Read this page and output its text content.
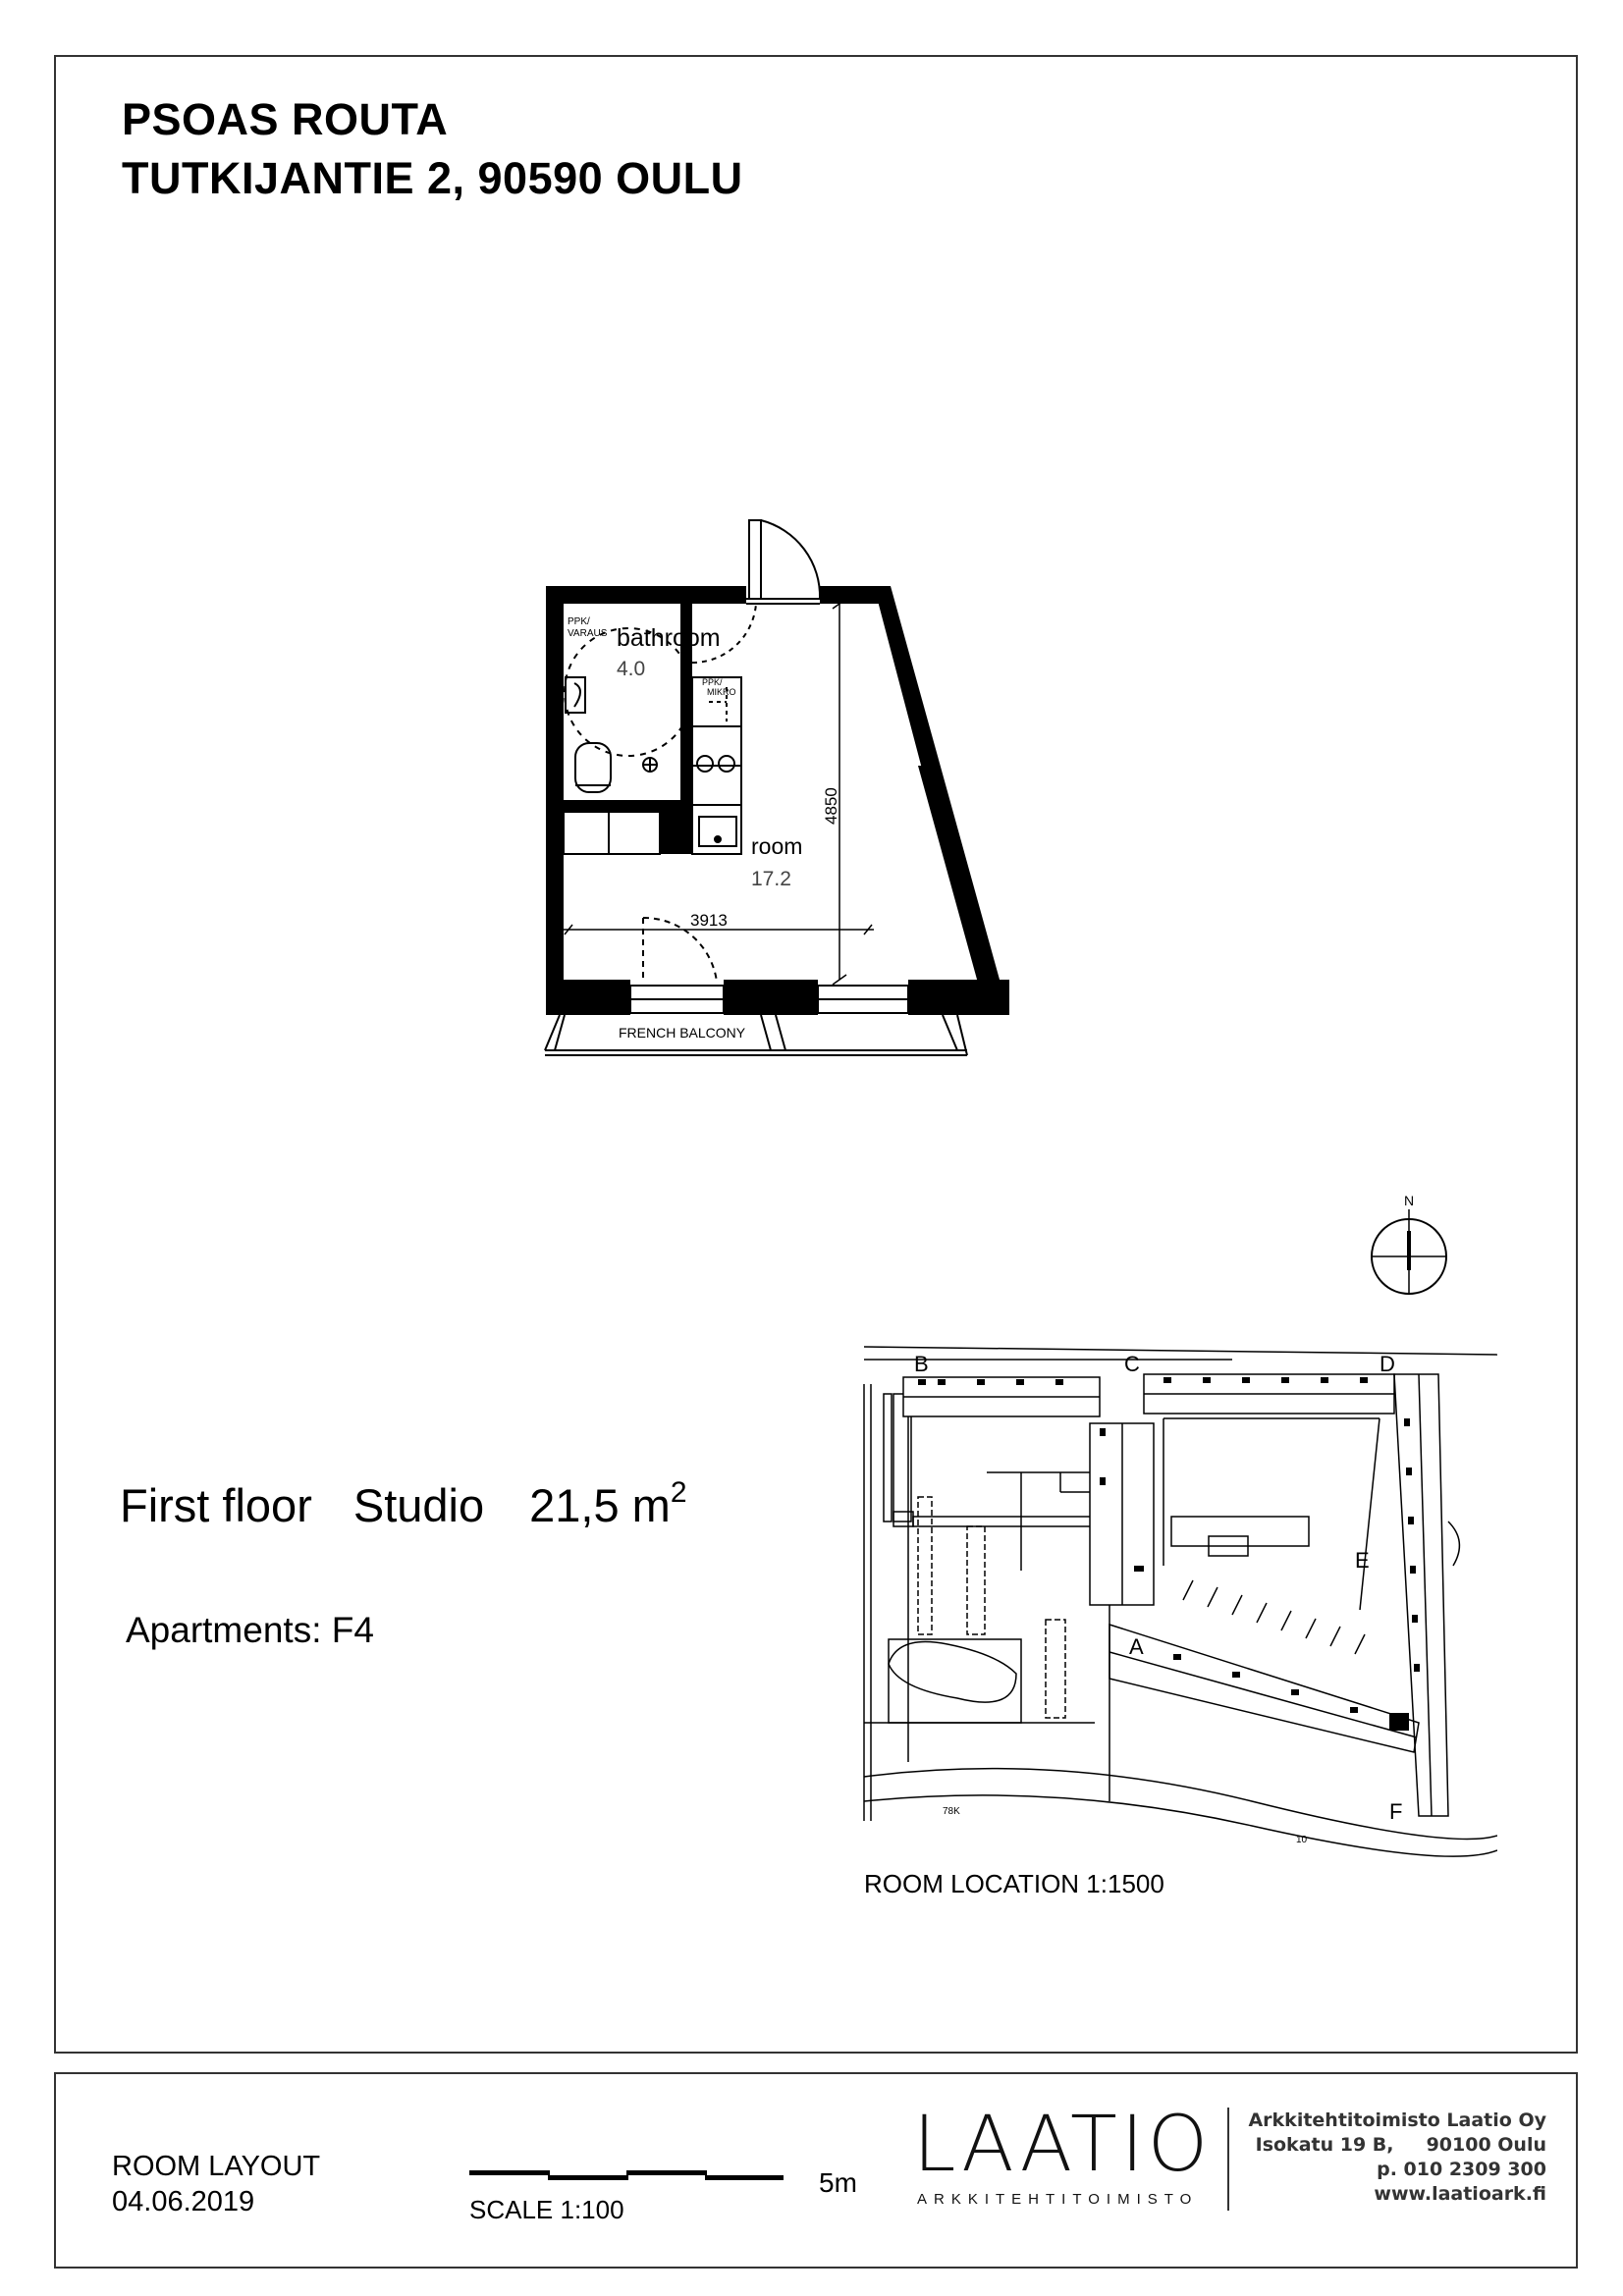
PSOAS ROUTA
TUTKIJANTIE 2, 90590 OULU
PPK/
VARAUS
PPK/
MIKRO
bathroom
4.0
room
17.2
4850
3913
FRENCH BALCONY
First floor Studio 21,5 $m^2$
Apartments: F4
N
B	C	D
E
A
F
78K
10
ROOM LOCATION 1:1500
ROOM LAYOUT
04.06.2019	SCALE 1:100
5m LAATIO
ARKKITEHTITOIMISTO
Arkkitehtitoimisto Laatio Oy
Isokatu 19 B,     90100 Oulu
p. 010 2309 300
www.laatioark.fi
